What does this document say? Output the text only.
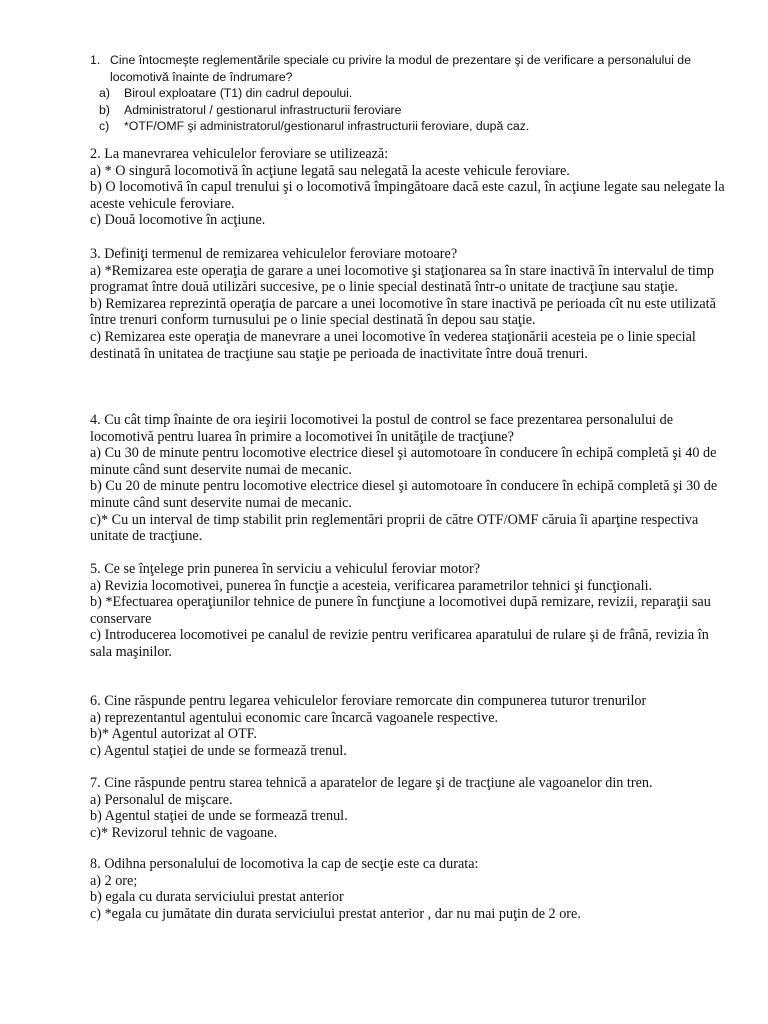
1. Cine întocmeşte reglementările speciale cu privire la modul de prezentare şi de verificare a personalului de locomotivă înainte de îndrumare?
a)	Biroul exploatare (T1) din cadrul depoului.
b)	Administratorul / gestionarul infrastructurii feroviare
c)	*OTF/OMF şi administratorul/gestionarul infrastructurii feroviare, după caz.

2. La manevrarea vehiculelor feroviare se utilizează:

a) * O singură locomotivă în acţiune legată sau nelegată la aceste vehicule feroviare.

b) O locomotivă în capul trenului şi o locomotivă împingătoare dacă este cazul, în acţiune legate sau nelegate la aceste vehicule feroviare.

c) Două locomotive în acţiune.

3. Definiţi termenul de remizarea vehiculelor feroviare motoare?

a) *Remizarea este operaţia de garare a unei locomotive şi staţionarea sa în stare inactivă în intervalul de timp programat între două utilizări succesive, pe o linie special destinată într-o unitate de tracţiune sau staţie.

b) Remizarea reprezintă operaţia de parcare a unei locomotive în stare inactivă pe perioada cît nu este utilizată între trenuri conform turnusului pe o linie special destinată în depou sau staţie.

c) Remizarea este operaţia de manevrare a unei locomotive în vederea staţionării acesteia pe o linie special destinată în unitatea de tracţiune sau staţie pe perioada de inactivitate între două trenuri.

4. Cu cât timp înainte de ora ieşirii locomotivei la postul de control se face prezentarea personalului de locomotivă pentru luarea în primire a locomotivei în unităţile de tracţiune?

a) Cu 30 de minute pentru locomotive electrice diesel şi automotoare în conducere în echipă completă şi 40 de minute când sunt deservite numai de mecanic.

b) Cu 20 de minute pentru locomotive electrice diesel şi automotoare în conducere în echipă completă şi 30 de minute când sunt deservite numai de mecanic.

c)* Cu un interval de timp stabilit prin reglementări proprii de către OTF/OMF căruia îi aparţine respectiva unitate de tracţiune.

5. Ce se înţelege prin punerea în serviciu a vehiculul feroviar motor?

a) Revizia locomotivei, punerea în funcţie a acesteia, verificarea parametrilor tehnici şi funcţionali.

b) *Efectuarea operaţiunilor tehnice de punere în funcţiune a locomotivei după remizare, revizii, reparaţii sau conservare

c) Introducerea locomotivei pe canalul de revizie pentru verificarea aparatului de rulare şi de frână, revizia în sala maşinilor.

6. Cine răspunde pentru legarea vehiculelor feroviare remorcate din compunerea tuturor trenurilor

a) reprezentantul agentului economic care încarcă vagoanele respective.

b)* Agentul autorizat al OTF.

c) Agentul staţiei de unde se formează trenul.

7. Cine răspunde pentru starea tehnică a aparatelor de legare şi de tracţiune ale vagoanelor din tren.

a) Personalul de mişcare.

b) Agentul staţiei de unde se formează trenul.

c)* Revizorul tehnic de vagoane.

8. Odihna personalului de locomotiva la cap de secţie este ca durata:

a) 2 ore;

b) egala cu durata serviciului prestat anterior

c) *egala cu jumătate din durata serviciului prestat anterior , dar nu mai puţin de 2 ore.
